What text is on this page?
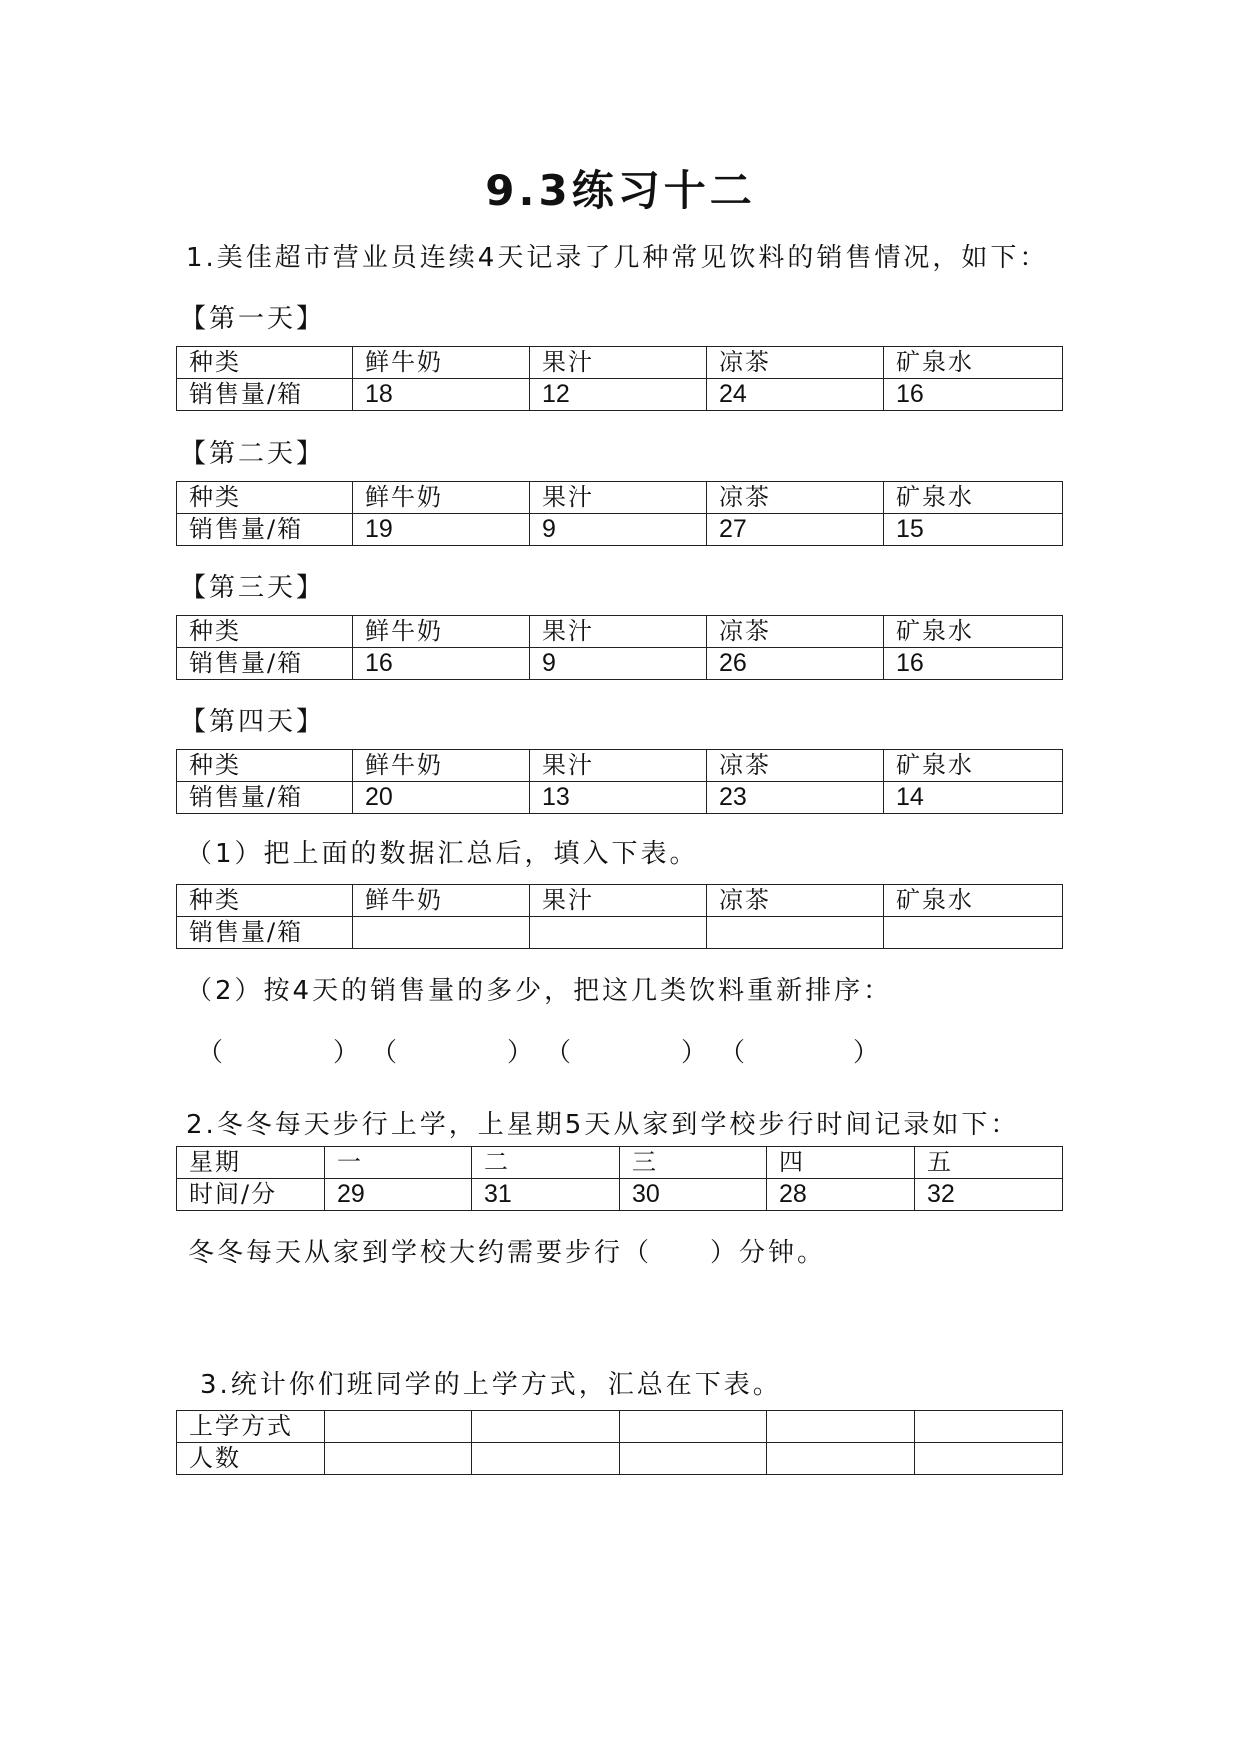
9.3练习十二
1.美佳超市营业员连续4天记录了几种常见饮料的销售情况，如下：
【第一天】
种类	鲜牛奶	果汁	凉茶	矿泉水
销售量/箱	18	12	24	16
【第二天】
种类	鲜牛奶	果汁	凉茶	矿泉水
销售量/箱	19	9	27	15
【第三天】
种类	鲜牛奶	果汁	凉茶	矿泉水
销售量/箱	16	9	26	16
【第四天】
种类	鲜牛奶	果汁	凉茶	矿泉水
销售量/箱	20	13	23	14
（1）把上面的数据汇总后，填入下表。
种类	鲜牛奶	果汁	凉茶	矿泉水
销售量/箱				
（2）按4天的销售量的多少，把这几类饮料重新排序：
（	） （	） （	） （	）
2.冬冬每天步行上学，上星期5天从家到学校步行时间记录如下：
星期	一	二	三	四	五
时间/分	29	31	30	28	32
冬冬每天从家到学校大约需要步行（　　）分钟。
3.统计你们班同学的上学方式，汇总在下表。
上学方式					
人数					
